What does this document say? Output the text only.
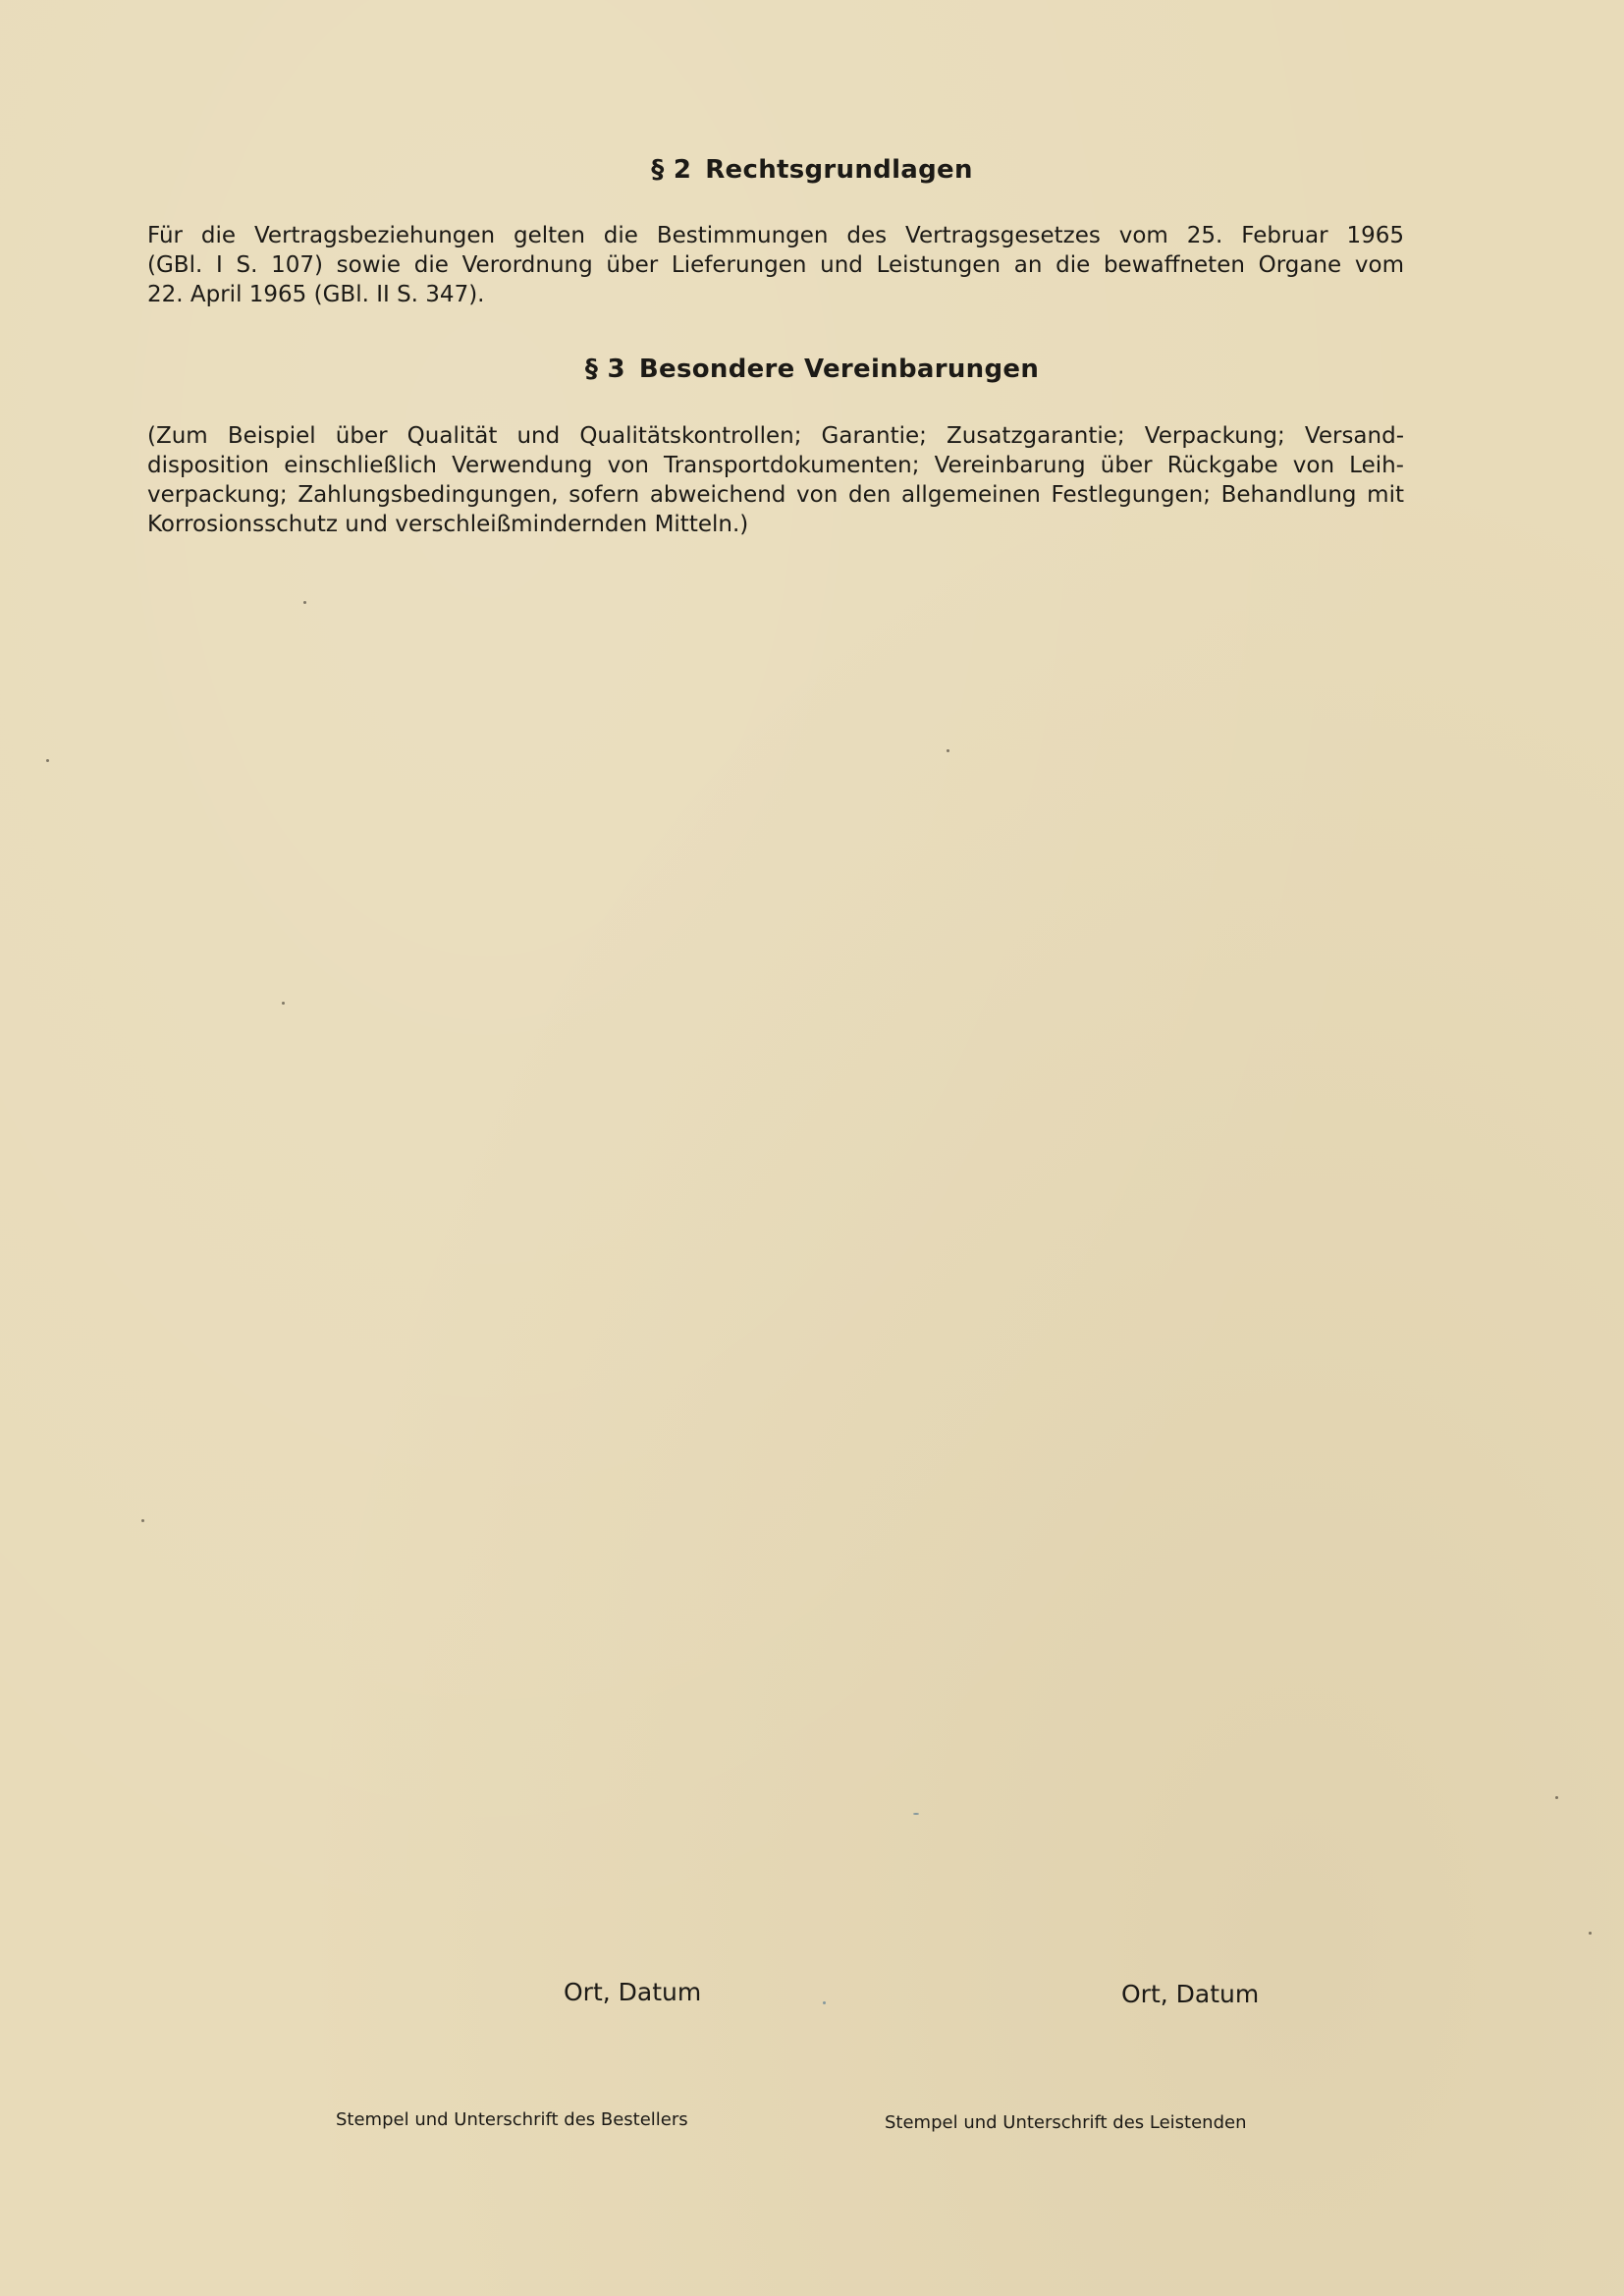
§ 2 Rechtsgrundlagen

Für die Vertragsbeziehungen gelten die Bestimmungen des Vertragsgesetzes vom 25. Februar 1965
(GBl. I S. 107) sowie die Verordnung über Lieferungen und Leistungen an die bewaffneten Organe vom
22. April 1965 (GBl. II S. 347).

§ 3 Besondere Vereinbarungen

(Zum Beispiel über Qualität und Qualitätskontrollen; Garantie; Zusatzgarantie; Verpackung; Versand-
disposition einschließlich Verwendung von Transportdokumenten; Vereinbarung über Rückgabe von Leih-
verpackung; Zahlungsbedingungen, sofern abweichend von den allgemeinen Festlegungen; Behandlung mit
Korrosionsschutz und verschleißmindernden Mitteln.)

Ort, Datum	Ort, Datum
Stempel und Unterschrift des Bestellers	Stempel und Unterschrift des Leistenden
